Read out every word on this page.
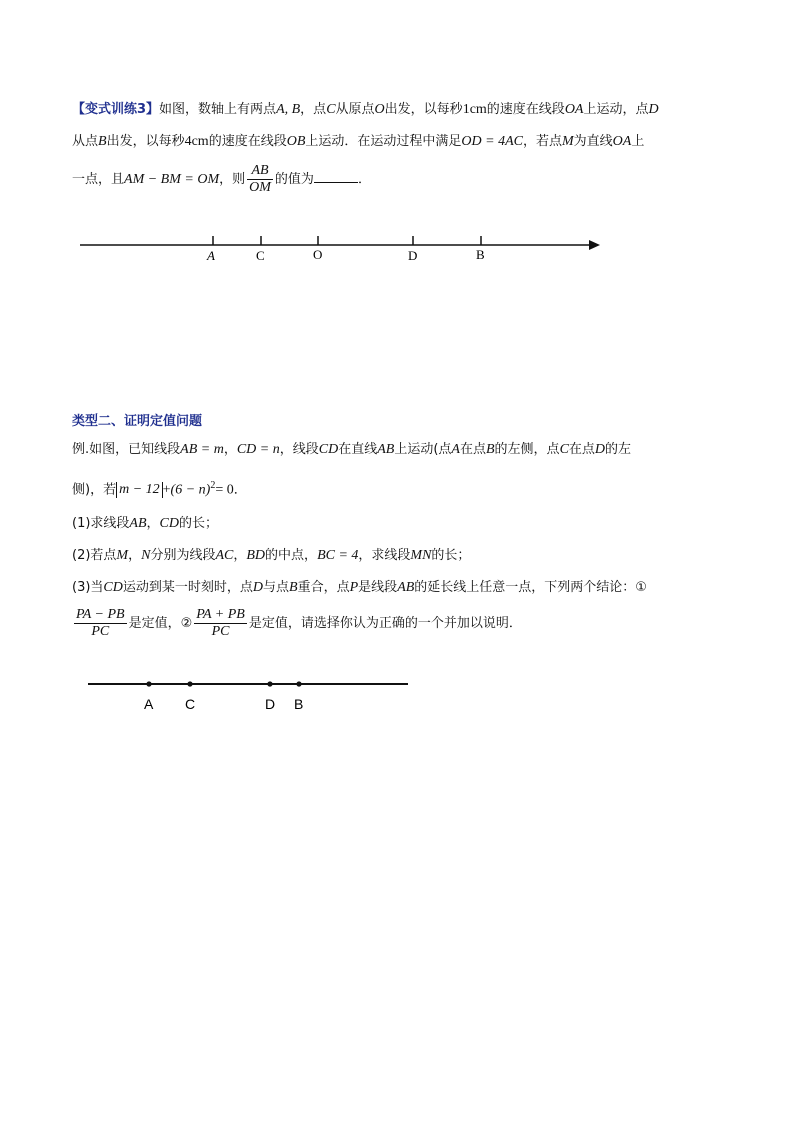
【变式训练3】如图，数轴上有两点A, B，点C从原点O出发，以每秒1cm的速度在线段OA上运动，点D
从点B出发，以每秒4cm的速度在线段OB上运动．在运动过程中满足OD = 4AC，若点M为直线OA上
一点，且AM − BM = OM，则 $\frac{AB}{OM}$ 的值为	．
A	C	O	D	B
类型二、证明定值问题
例.如图，已知线段AB = m，CD = n，线段CD在直线AB上运动(点A在点B的左侧，点C在点D的左
侧)，若 $m - 12 +(6 - n)^2= 0$．
(1)求线段AB，CD的长；
(2)若点M，N分别为线段AC，BD的中点，BC = 4，求线段MN的长；
(3)当CD运动到某一时刻时，点D与点B重合，点P是线段AB的延长线上任意一点，下列两个结论：①
$\frac{PA - PB}{PC}$ 是定值，② $\frac{PA + PB}{PC}$ 是定值，请选择你认为正确的一个并加以说明．
A C	D B
